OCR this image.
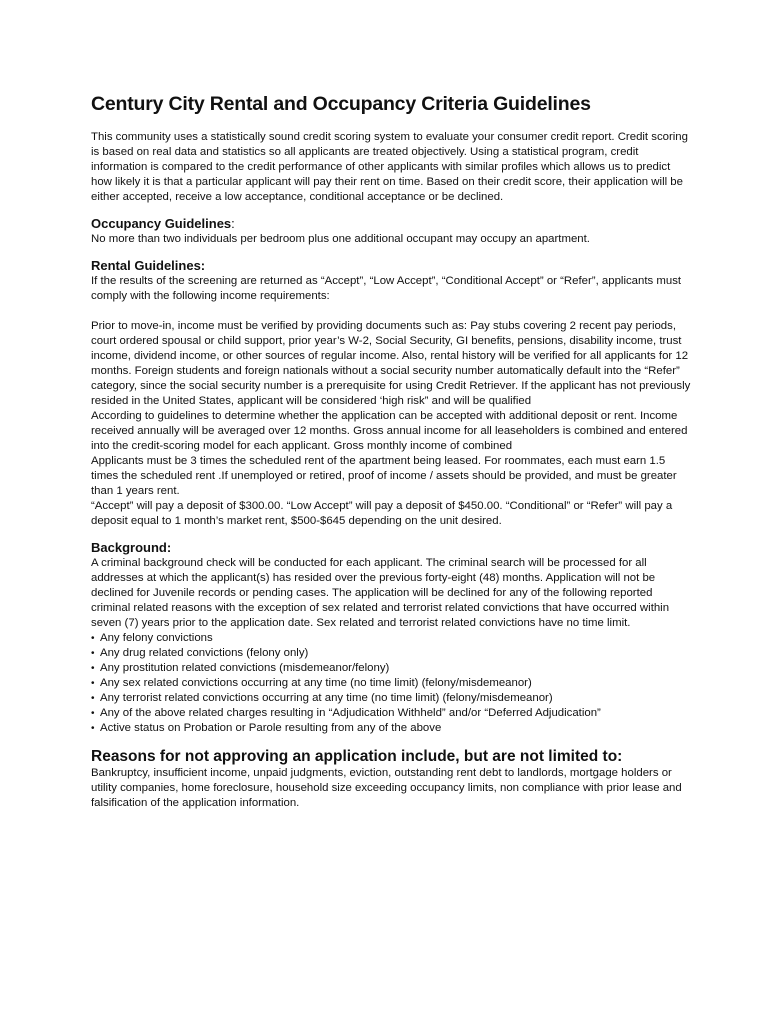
Century City Rental and Occupancy Criteria Guidelines

This community uses a statistically sound credit scoring system to evaluate your consumer credit report. Credit scoring is based on real data and statistics so all applicants are treated objectively. Using a statistical program, credit information is compared to the credit performance of other applicants with similar profiles which allows us to predict how likely it is that a particular applicant will pay their rent on time. Based on their credit score, their application will be either accepted, receive a low acceptance, conditional acceptance or be declined.

Occupancy Guidelines:

No more than two individuals per bedroom plus one additional occupant may occupy an apartment.

Rental Guidelines:

If the results of the screening are returned as “Accept”, “Low Accept”, “Conditional Accept” or “Refer”, applicants must comply with the following income requirements:

Prior to move-in, income must be verified by providing documents such as: Pay stubs covering 2 recent pay periods, court ordered spousal or child support, prior year’s W-2, Social Security, GI benefits, pensions, disability income, trust income, dividend income, or other sources of regular income. Also, rental history will be verified for all applicants for 12 months. Foreign students and foreign nationals without a social security number automatically default into the “Refer” category, since the social security number is a prerequisite for using Credit Retriever. If the applicant has not previously resided in the United States, applicant will be considered ‘high risk” and will be qualified

According to guidelines to determine whether the application can be accepted with additional deposit or rent. Income received annually will be averaged over 12 months. Gross annual income for all leaseholders is combined and entered into the credit-scoring model for each applicant. Gross monthly income of combined

Applicants must be 3 times the scheduled rent of the apartment being leased. For roommates, each must earn 1.5 times the scheduled rent .If unemployed or retired, proof of income / assets should be provided, and must be greater than 1 years rent.

“Accept” will pay a deposit of $300.00. “Low Accept” will pay a deposit of $450.00. “Conditional” or “Refer” will pay a deposit equal to 1 month’s market rent, $500-$645 depending on the unit desired.

Background:

A criminal background check will be conducted for each applicant. The criminal search will be processed for all addresses at which the applicant(s) has resided over the previous forty-eight (48) months. Application will not be declined for Juvenile records or pending cases. The application will be declined for any of the following reported criminal related reasons with the exception of sex related and terrorist related convictions that have occurred within seven (7) years prior to the application date. Sex related and terrorist related convictions have no time limit.

• Any felony convictions
• Any drug related convictions (felony only)
• Any prostitution related convictions (misdemeanor/felony)
• Any sex related convictions occurring at any time (no time limit) (felony/misdemeanor)
• Any terrorist related convictions occurring at any time (no time limit) (felony/misdemeanor)
• Any of the above related charges resulting in “Adjudication Withheld” and/or “Deferred Adjudication”
• Active status on Probation or Parole resulting from any of the above
Reasons for not approving an application include, but are not limited to:

Bankruptcy, insufficient income, unpaid judgments, eviction, outstanding rent debt to landlords, mortgage holders or utility companies, home foreclosure, household size exceeding occupancy limits, non compliance with prior lease and falsification of the application information.
